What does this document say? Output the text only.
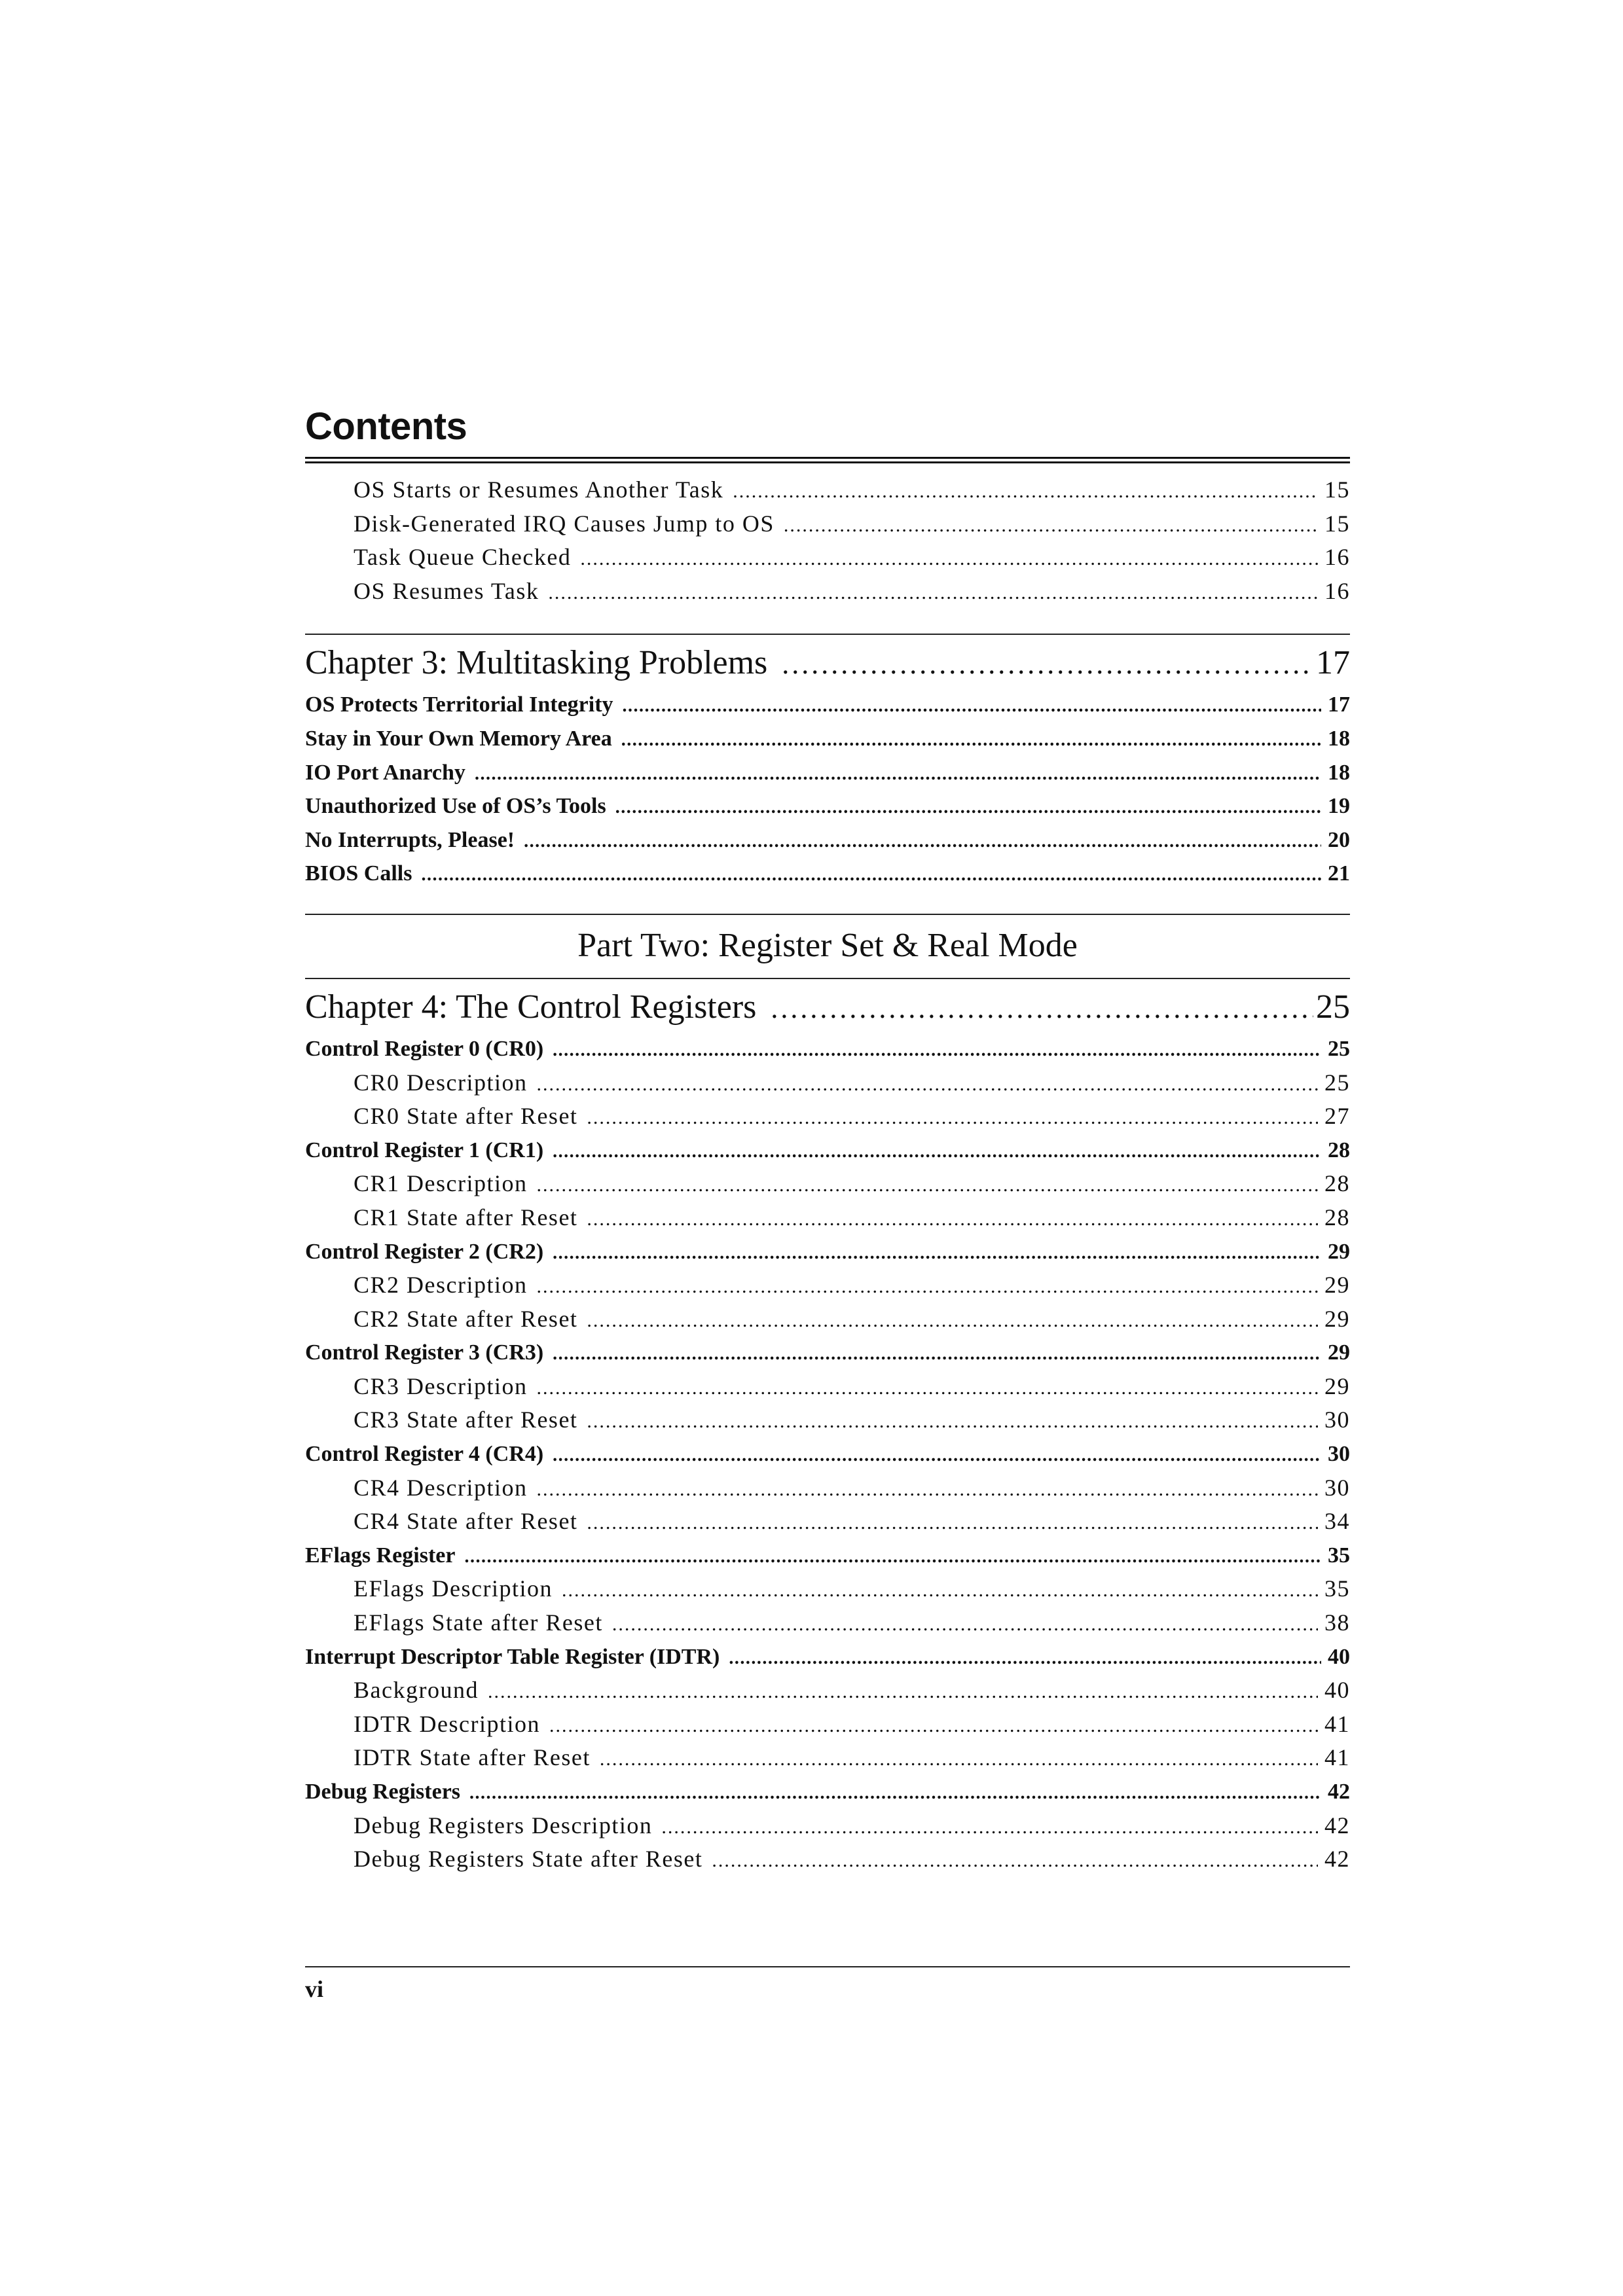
Contents
OS Starts or Resumes Another Task .....	15
Disk-Generated IRQ Causes Jump to OS .....	15
Task Queue Checked .....	16
OS Resumes Task .....	16
Chapter 3: Multitasking Problems .....	17
OS Protects Territorial Integrity .....	17
Stay in Your Own Memory Area .....	18
IO Port Anarchy .....	18
Unauthorized Use of OS’s Tools .....	19
No Interrupts, Please! .....	20
BIOS Calls .....	21
Part Two: Register Set & Real Mode
Chapter 4: The Control Registers .....	25
Control Register 0 (CR0) .....	25
CR0 Description .....	25
CR0 State after Reset .....	27
Control Register 1 (CR1) .....	28
CR1 Description .....	28
CR1 State after Reset .....	28
Control Register 2 (CR2) .....	29
CR2 Description .....	29
CR2 State after Reset .....	29
Control Register 3 (CR3) .....	29
CR3 Description .....	29
CR3 State after Reset .....	30
Control Register 4 (CR4) .....	30
CR4 Description .....	30
CR4 State after Reset .....	34
EFlags Register .....	35
EFlags Description .....	35
EFlags State after Reset .....	38
Interrupt Descriptor Table Register (IDTR) .....	40
Background .....	40
IDTR Description .....	41
IDTR State after Reset .....	41
Debug Registers .....	42
Debug Registers Description .....	42
Debug Registers State after Reset .....	42
vi
